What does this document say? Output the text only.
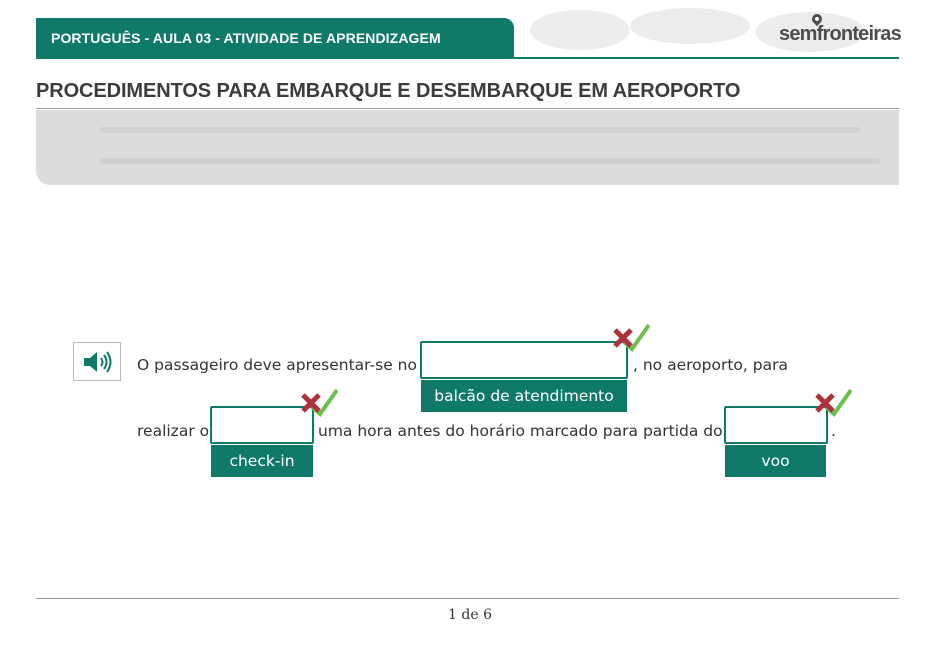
PORTUGUÊS - AULA 03 - ATIVIDADE DE APRENDIZAGEM	semfronteiras
PROCEDIMENTOS PARA EMBARQUE E DESEMBARQUE EM AEROPORTO
O passageiro deve apresentar-se no	, no aeroporto, para
balcão de atendimento
realizar o	uma hora antes do horário marcado para partida do	.
check-in	voo
1 de 6
